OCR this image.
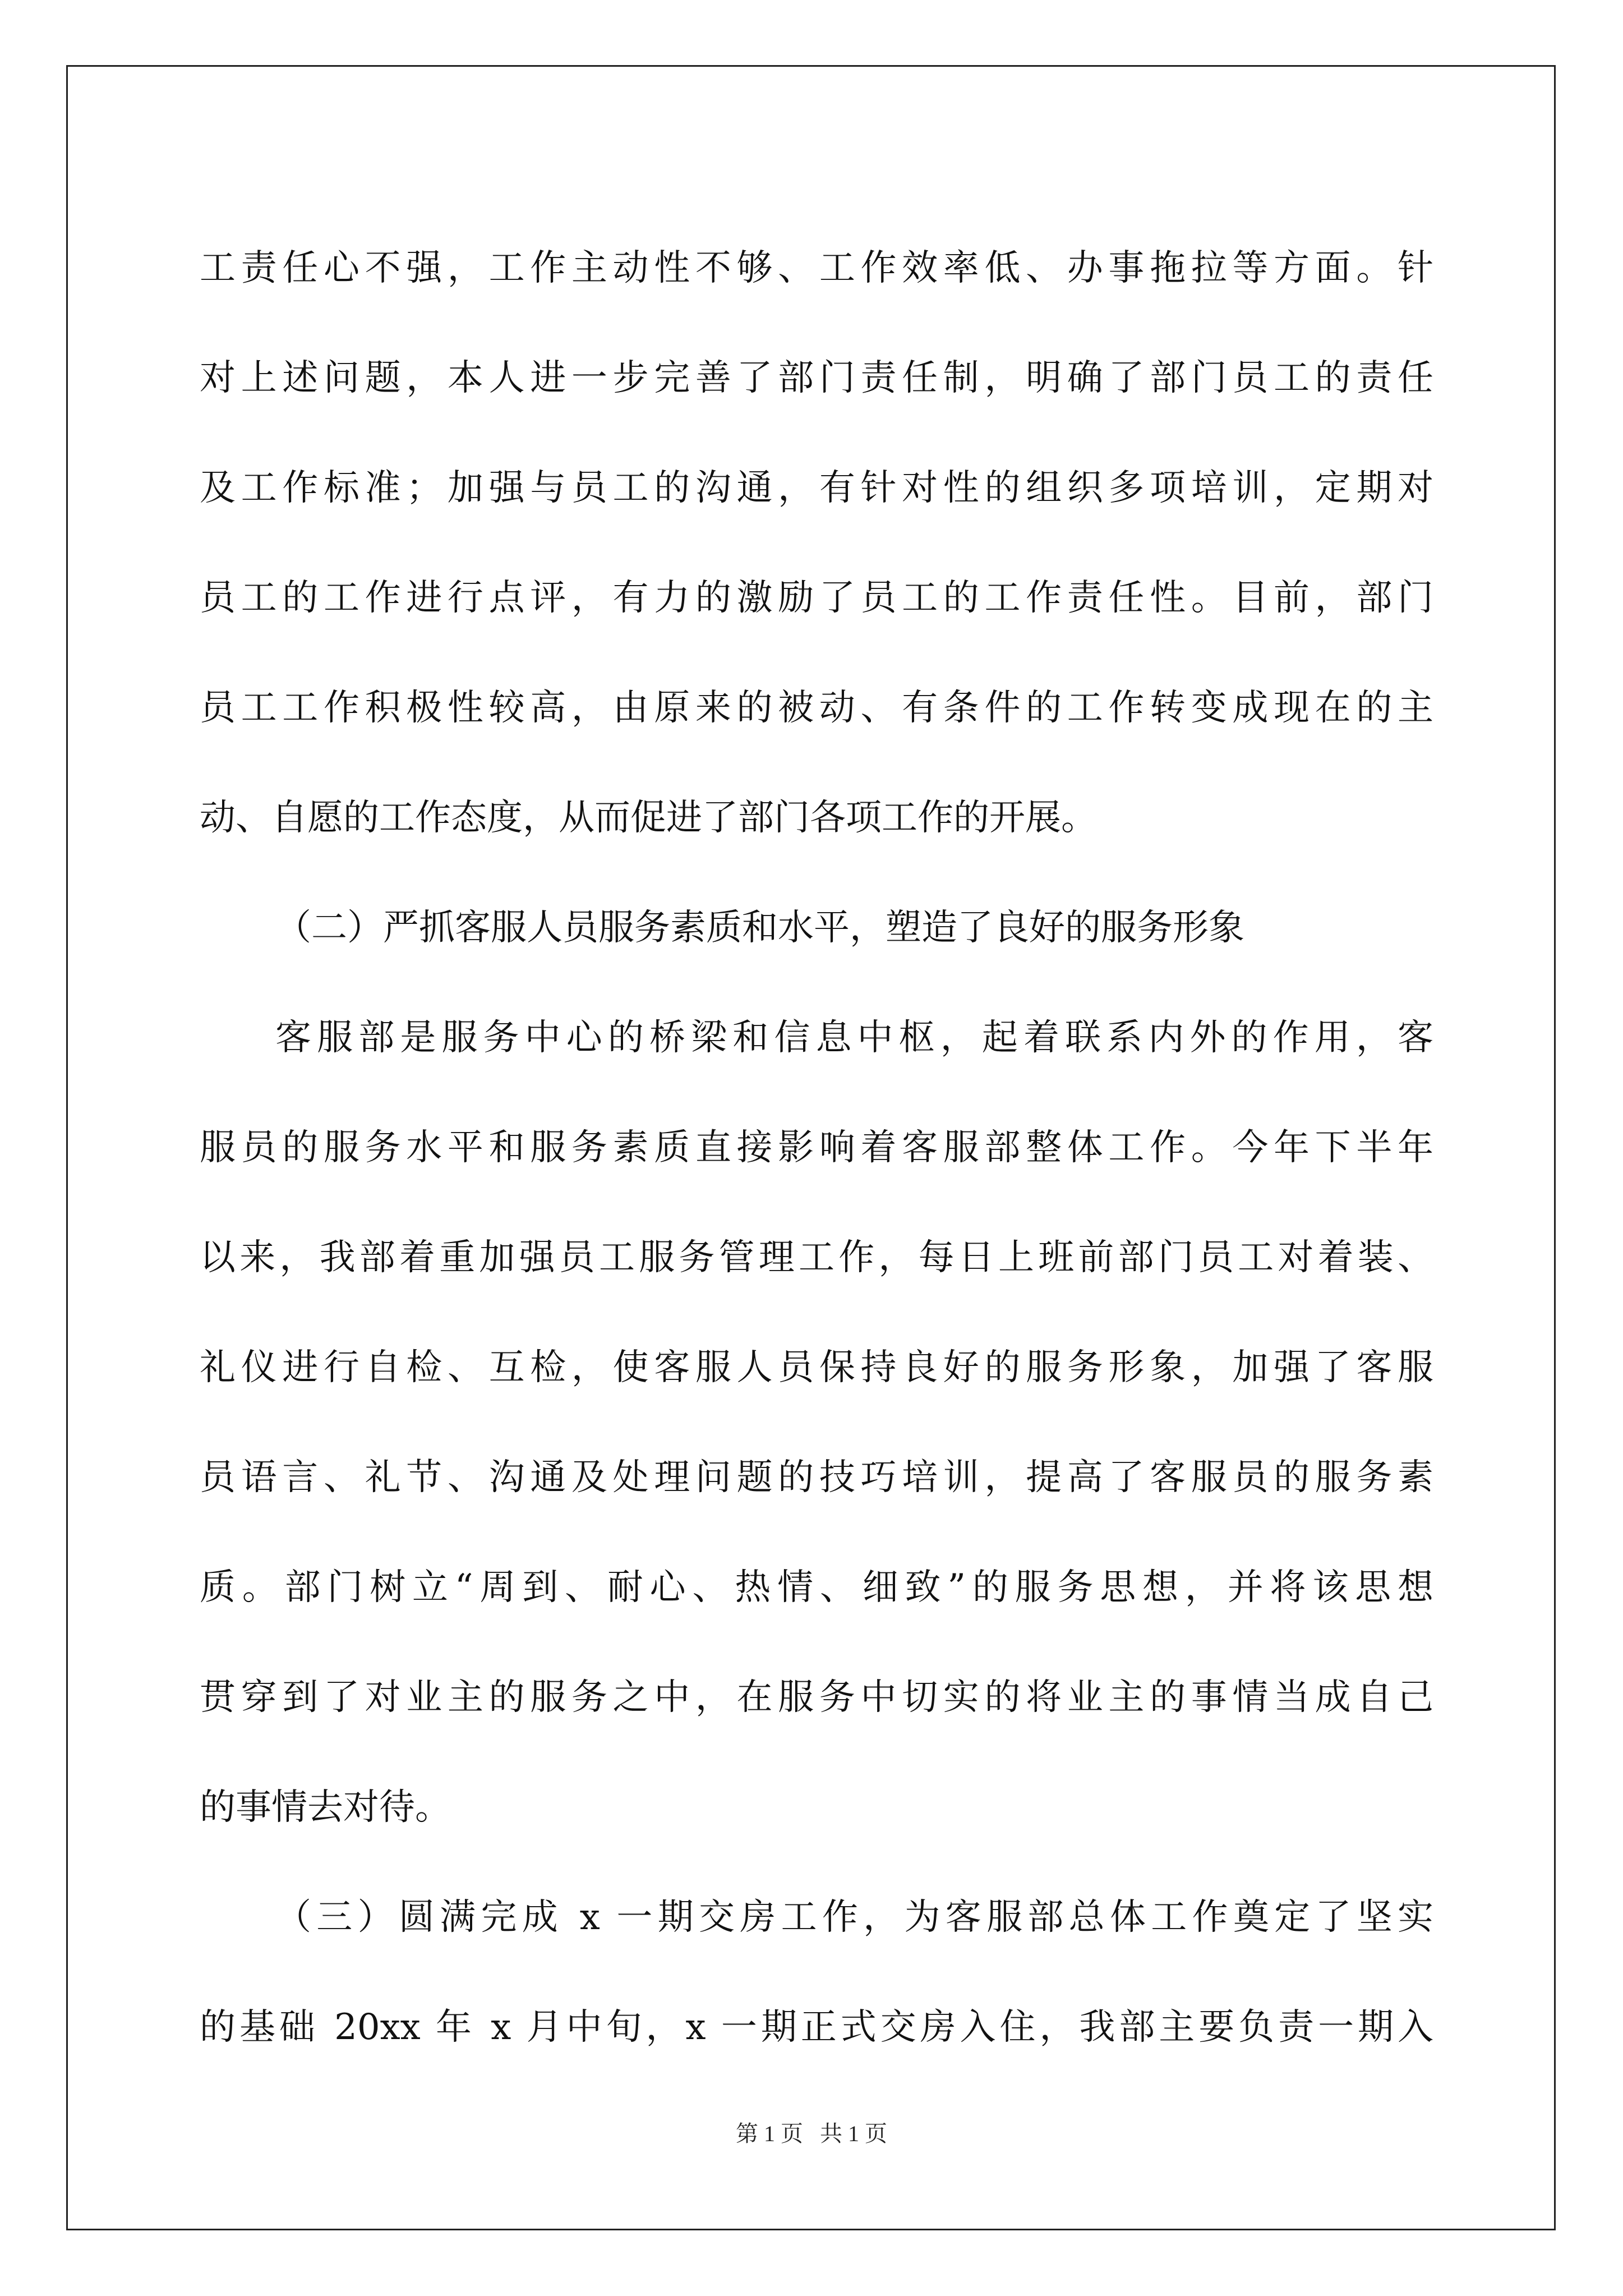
工责任心不强，工作主动性不够、工作效率低、办事拖拉等方面。针
对上述问题，本人进一步完善了部门责任制，明确了部门员工的责任
及工作标准；加强与员工的沟通，有针对性的组织多项培训，定期对
员工的工作进行点评，有力的激励了员工的工作责任性。目前，部门
员工工作积极性较高，由原来的被动、有条件的工作转变成现在的主
动、自愿的工作态度，从而促进了部门各项工作的开展。
（二）严抓客服人员服务素质和水平，塑造了良好的服务形象
客服部是服务中心的桥梁和信息中枢，起着联系内外的作用，客
服员的服务水平和服务素质直接影响着客服部整体工作。今年下半年
以来，我部着重加强员工服务管理工作，每日上班前部门员工对着装、
礼仪进行自检、互检，使客服人员保持良好的服务形象，加强了客服
员语言、礼节、沟通及处理问题的技巧培训，提高了客服员的服务素
质。部门树立“周到、耐心、热情、细致”的服务思想，并将该思想
贯穿到了对业主的服务之中，在服务中切实的将业主的事情当成自己
的事情去对待。
（三）圆满完成 x 一期交房工作，为客服部总体工作奠定了坚实
的基础 20xx 年 x 月中旬，x 一期正式交房入住，我部主要负责一期入
第 1 页   共 1 页
